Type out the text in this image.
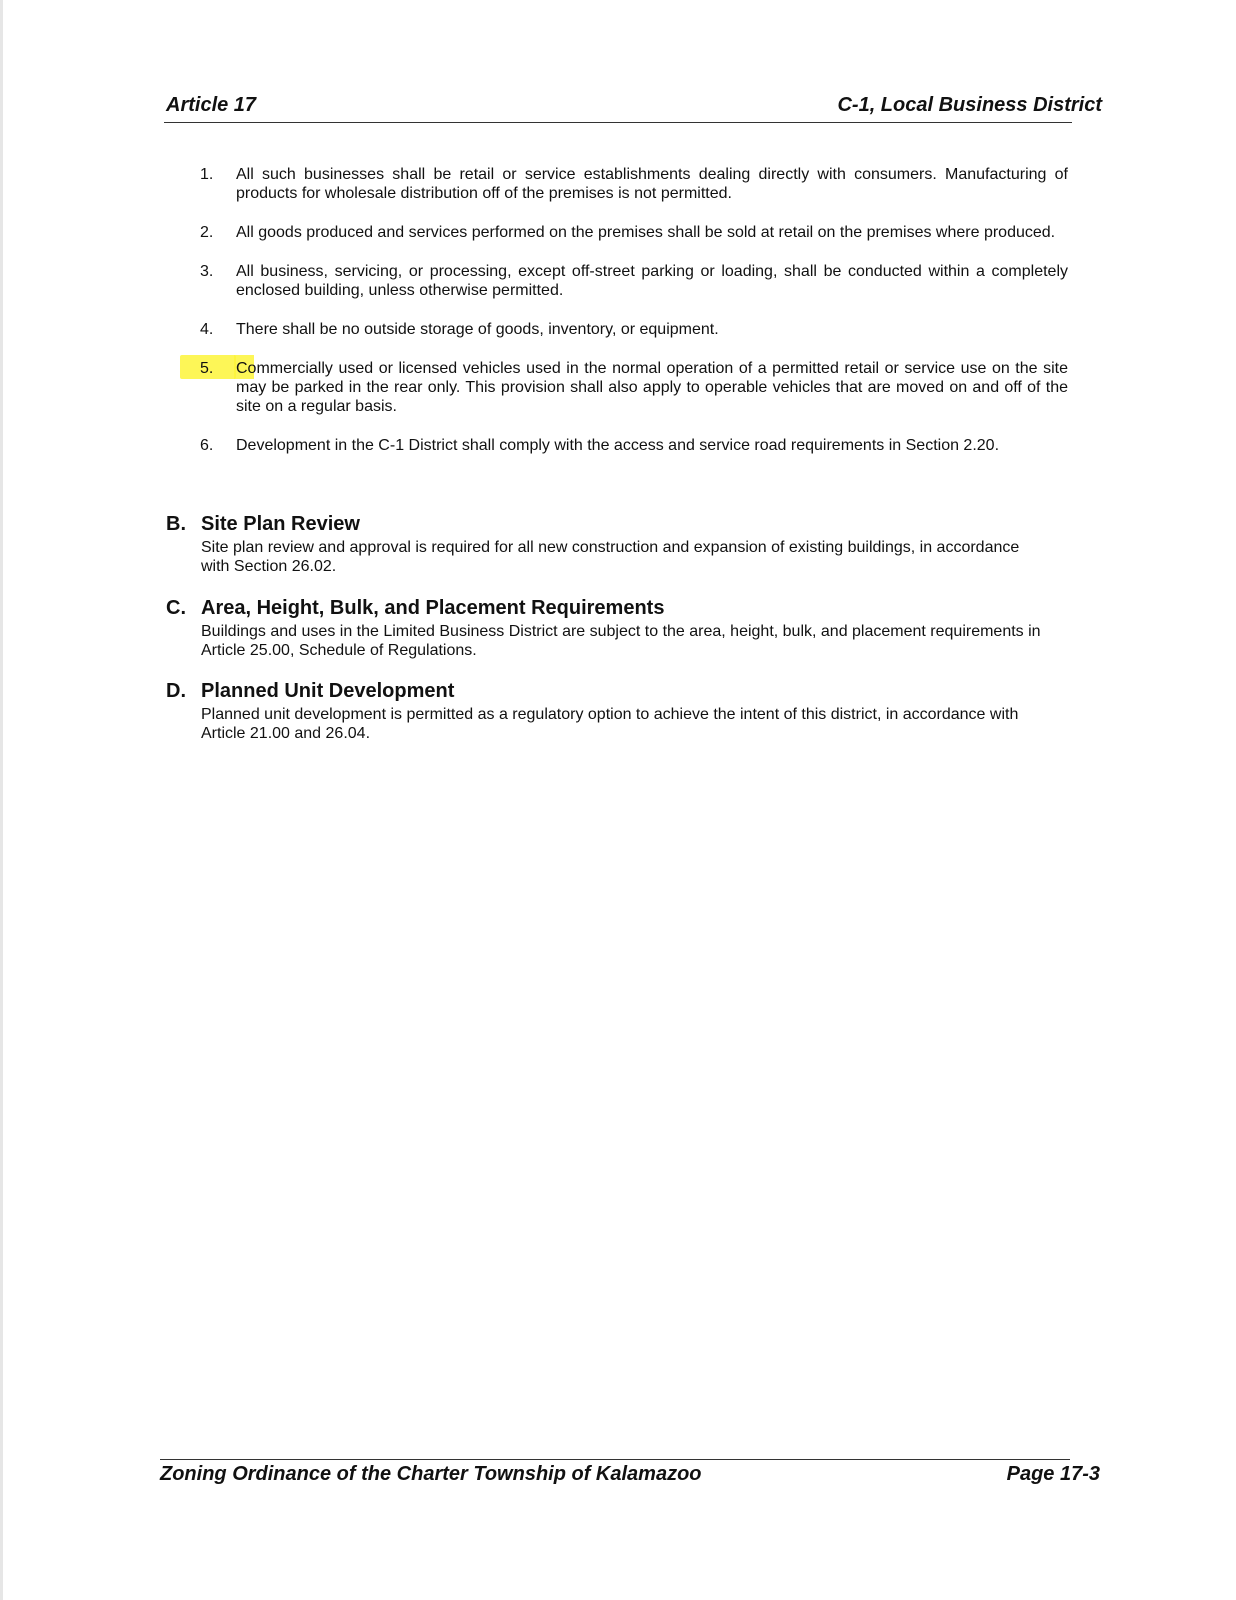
Article 17	C-1, Local Business District
1.	All such businesses shall be retail or service establishments dealing directly with consumers. Manufacturing of products for wholesale distribution off of the premises is not permitted.
2.	All goods produced and services performed on the premises shall be sold at retail on the premises where produced.
3.	All business, servicing, or processing, except off-street parking or loading, shall be conducted within a completely enclosed building, unless otherwise permitted.
4.	There shall be no outside storage of goods, inventory, or equipment.
5.	Commercially used or licensed vehicles used in the normal operation of a permitted retail or service use on the site may be parked in the rear only. This provision shall also apply to operable vehicles that are moved on and off of the site on a regular basis.
6.	Development in the C-1 District shall comply with the access and service road requirements in Section 2.20.
B. Site Plan Review
Site plan review and approval is required for all new construction and expansion of existing buildings, in accordance with Section 26.02.
C. Area, Height, Bulk, and Placement Requirements
Buildings and uses in the Limited Business District are subject to the area, height, bulk, and placement requirements in Article 25.00, Schedule of Regulations.
D. Planned Unit Development
Planned unit development is permitted as a regulatory option to achieve the intent of this district, in accordance with Article 21.00 and 26.04.
Zoning Ordinance of the Charter Township of Kalamazoo	Page 17-3
